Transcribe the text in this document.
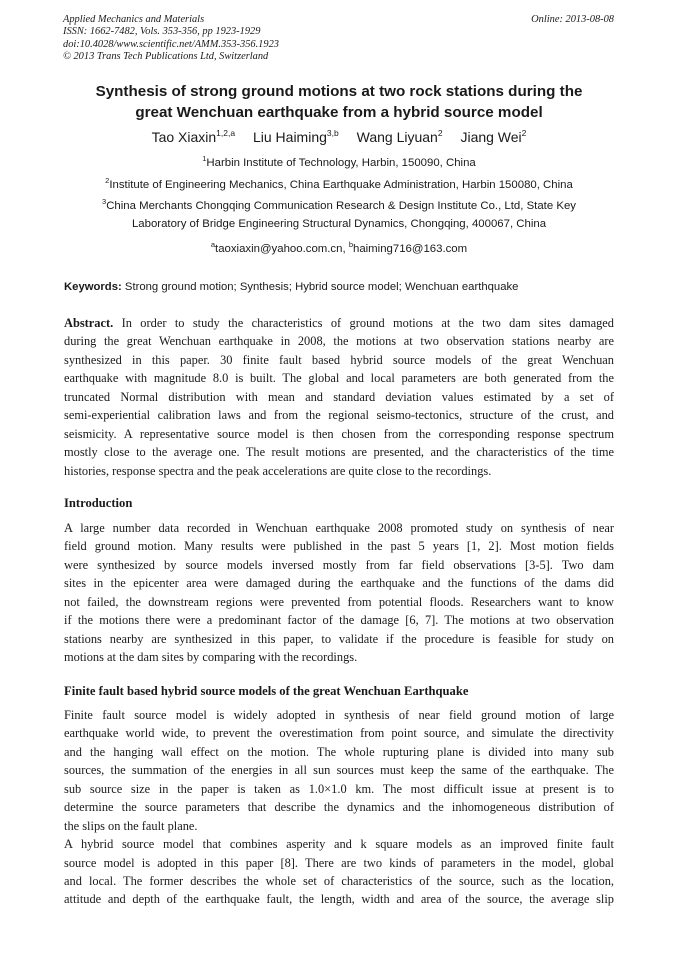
Applied Mechanics and Materials
ISSN: 1662-7482, Vols. 353-356, pp 1923-1929
doi:10.4028/www.scientific.net/AMM.353-356.1923
© 2013 Trans Tech Publications Ltd, Switzerland
Online: 2013-08-08
Synthesis of strong ground motions at two rock stations during the
great Wenchuan earthquake from a hybrid source model
Tao Xiaxin$^{1,2,a}$ Liu Haiming$^{3,b}$ Wang Liyuan$^2$ Jiang Wei$^2$
$^1$Harbin Institute of Technology, Harbin, 150090, China
$^2$Institute of Engineering Mechanics, China Earthquake Administration, Harbin 150080, China
$^3$China Merchants Chongqing Communication Research & Design Institute Co., Ltd, State Key
Laboratory of Bridge Engineering Structural Dynamics, Chongqing, 400067, China
$^a$taoxiaxin@yahoo.com.cn, $^b$haiming716@163.com
Keywords: Strong ground motion; Synthesis; Hybrid source model; Wenchuan earthquake
Abstract. In order to study the characteristics of ground motions at the two dam sites damaged
during the great Wenchuan earthquake in 2008, the motions at two observation stations nearby are
synthesized in this paper. 30 finite fault based hybrid source models of the great Wenchuan
earthquake with magnitude 8.0 is built. The global and local parameters are both generated from the
truncated Normal distribution with mean and standard deviation values estimated by a set of
semi-experiential calibration laws and from the regional seismo-tectonics, structure of the crust, and
seismicity. A representative source model is then chosen from the corresponding response spectrum
mostly close to the average one. The result motions are presented, and the characteristics of the time
histories, response spectra and the peak accelerations are quite close to the recordings.
Introduction
A large number data recorded in Wenchuan earthquake 2008 promoted study on synthesis of near
field ground motion. Many results were published in the past 5 years [1, 2]. Most motion fields
were synthesized by source models inversed mostly from far field observations [3-5]. Two dam
sites in the epicenter area were damaged during the earthquake and the functions of the dams did
not failed, the downstream regions were prevented from potential floods. Researchers want to know
if the motions there were a predominant factor of the damage [6, 7]. The motions at two observation
stations nearby are synthesized in this paper, to validate if the procedure is feasible for study on
motions at the dam sites by comparing with the recordings.
Finite fault based hybrid source models of the great Wenchuan Earthquake
Finite fault source model is widely adopted in synthesis of near field ground motion of large
earthquake world wide, to prevent the overestimation from point source, and simulate the directivity
and the hanging wall effect on the motion. The whole rupturing plane is divided into many sub
sources, the summation of the energies in all sun sources must keep the same of the earthquake. The
sub source size in the paper is taken as 1.0×1.0 km. The most difficult issue at present is to
determine the source parameters that describe the dynamics and the inhomogeneous distribution of
the slips on the fault plane.
A hybrid source model that combines asperity and k square models as an improved finite fault
source model is adopted in this paper [8]. There are two kinds of parameters in the model, global
and local. The former describes the whole set of characteristics of the source, such as the location,
attitude and depth of the earthquake fault, the length, width and area of the source, the average slip
